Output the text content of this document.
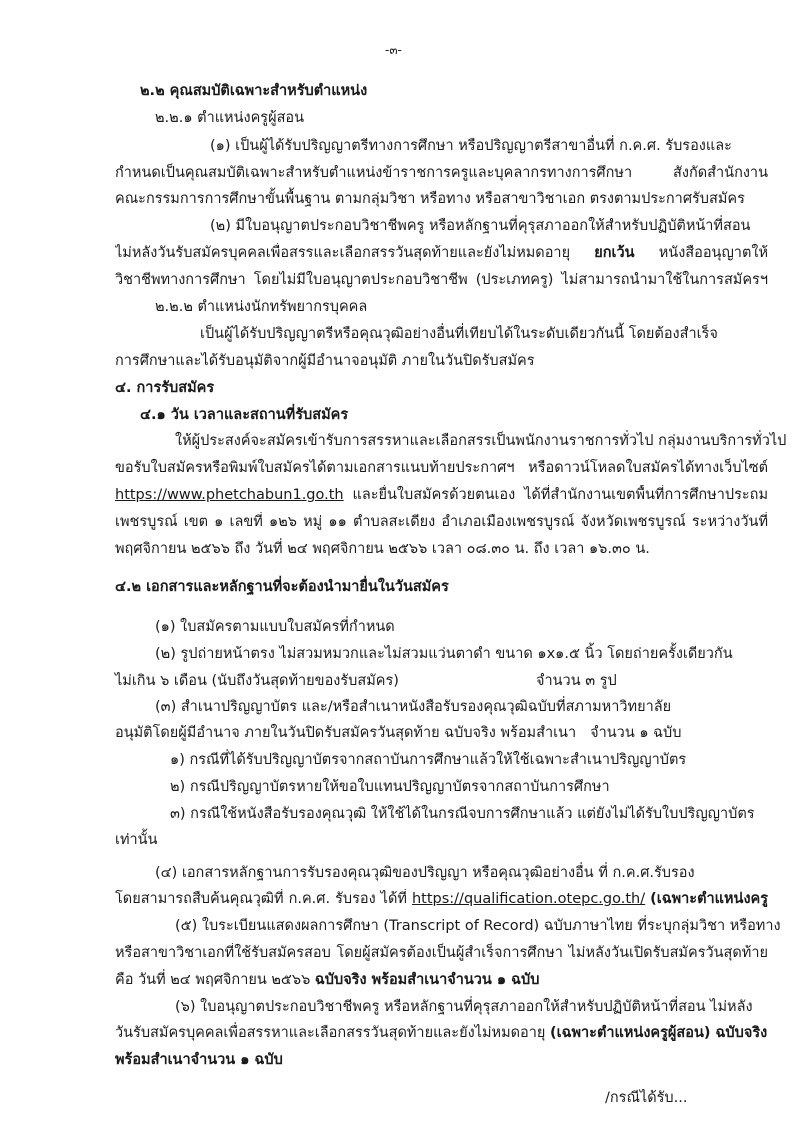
-๓-
๒.๒ คุณสมบัติเฉพาะสำหรับตำแหน่ง
๒.๒.๑ ตำแหน่งครูผู้สอน
(๑) เป็นผู้ได้รับปริญญาตรีทางการศึกษา หรือปริญญาตรีสาขาอื่นที่ ก.ค.ศ. รับรองและ
กำหนดเป็นคุณสมบัติเฉพาะสำหรับตำแหน่งข้าราชการครูและบุคลากรทางการศึกษา สังกัดสำนักงาน
คณะกรรมการการศึกษาขั้นพื้นฐาน ตามกลุ่มวิชา หรือทาง หรือสาขาวิชาเอก ตรงตามประกาศรับสมัคร
(๒) มีใบอนุญาตประกอบวิชาชีพครู หรือหลักฐานที่คุรุสภาออกให้สำหรับปฏิบัติหน้าที่สอน
ไม่หลังวันรับสมัครบุคคลเพื่อสรรและเลือกสรรวันสุดท้ายและยังไม่หมดอายุ ยกเว้น หนังสืออนุญาตให้
วิชาชีพทางการศึกษา โดยไม่มีใบอนุญาตประกอบวิชาชีพ (ประเภทครู) ไม่สามารถนำมาใช้ในการสมัครฯ
๒.๒.๒ ตำแหน่งนักทรัพยากรบุคคล
เป็นผู้ได้รับปริญญาตรีหรือคุณวุฒิอย่างอื่นที่เทียบได้ในระดับเดียวกันนี้ โดยต้องสำเร็จ
การศึกษาและได้รับอนุมัติจากผู้มีอำนาจอนุมัติ ภายในวันปิดรับสมัคร
๔. การรับสมัคร
๔.๑ วัน เวลาและสถานที่รับสมัคร
ให้ผู้ประสงค์จะสมัครเข้ารับการสรรหาและเลือกสรรเป็นพนักงานราชการทั่วไป กลุ่มงานบริการทั่วไป
ขอรับใบสมัครหรือพิมพ์ใบสมัครได้ตามเอกสารแนบท้ายประกาศฯ หรือดาวน์โหลดใบสมัครได้ทางเว็บไซต์
https://www.phetchabun1.go.th และยื่นใบสมัครด้วยตนเอง ได้ที่สำนักงานเขตพื้นที่การศึกษาประถม
เพชรบูรณ์ เขต ๑ เลขที่ ๑๒๖ หมู่ ๑๑ ตำบลสะเดียง อำเภอเมืองเพชรบูรณ์ จังหวัดเพชรบูรณ์ ระหว่างวันที่
พฤศจิกายน ๒๕๖๖ ถึง วันที่ ๒๔ พฤศจิกายน ๒๕๖๖ เวลา ๐๘.๓๐ น. ถึง เวลา ๑๖.๓๐ น.
๔.๒ เอกสารและหลักฐานที่จะต้องนำมายื่นในวันสมัคร
(๑) ใบสมัครตามแบบใบสมัครที่กำหนด
(๒) รูปถ่ายหน้าตรง ไม่สวมหมวกและไม่สวมแว่นตาดำ ขนาด ๑x๑.๕ นิ้ว โดยถ่ายครั้งเดียวกัน
ไม่เกิน ๖ เดือน (นับถึงวันสุดท้ายของรับสมัคร)	จำนวน ๓ รูป
(๓) สำเนาปริญญาบัตร และ/หรือสำเนาหนังสือรับรองคุณวุฒิฉบับที่สภามหาวิทยาลัย
อนุมัติโดยผู้มีอำนาจ ภายในวันปิดรับสมัครวันสุดท้าย ฉบับจริง พร้อมสำเนา จำนวน ๑ ฉบับ
๑) กรณีที่ได้รับปริญญาบัตรจากสถาบันการศึกษาแล้วให้ใช้เฉพาะสำเนาปริญญาบัตร
๒) กรณีปริญญาบัตรหายให้ขอใบแทนปริญญาบัตรจากสถาบันการศึกษา
๓) กรณีใช้หนังสือรับรองคุณวุฒิ ให้ใช้ได้ในกรณีจบการศึกษาแล้ว แต่ยังไม่ได้รับใบปริญญาบัตร
เท่านั้น
(๔) เอกสารหลักฐานการรับรองคุณวุฒิของปริญญา หรือคุณวุฒิอย่างอื่น ที่ ก.ค.ศ.รับรอง
โดยสามารถสืบค้นคุณวุฒิที่ ก.ค.ศ. รับรอง ได้ที่ https://qualification.otepc.go.th/ (เฉพาะตำแหน่งครู
(๕) ใบระเบียนแสดงผลการศึกษา (Transcript of Record) ฉบับภาษาไทย ที่ระบุกลุ่มวิชา หรือทาง
หรือสาขาวิชาเอกที่ใช้รับสมัครสอบ โดยผู้สมัครต้องเป็นผู้สำเร็จการศึกษา ไม่หลังวันเปิดรับสมัครวันสุดท้าย
คือ วันที่ ๒๔ พฤศจิกายน ๒๕๖๖ ฉบับจริง พร้อมสำเนาจำนวน ๑ ฉบับ
(๖) ใบอนุญาตประกอบวิชาชีพครู หรือหลักฐานที่คุรุสภาออกให้สำหรับปฏิบัติหน้าที่สอน ไม่หลัง
วันรับสมัครบุคคลเพื่อสรรหาและเลือกสรรวันสุดท้ายและยังไม่หมดอายุ (เฉพาะตำแหน่งครูผู้สอน) ฉบับจริง
พร้อมสำเนาจำนวน ๑ ฉบับ
/กรณีได้รับ...
